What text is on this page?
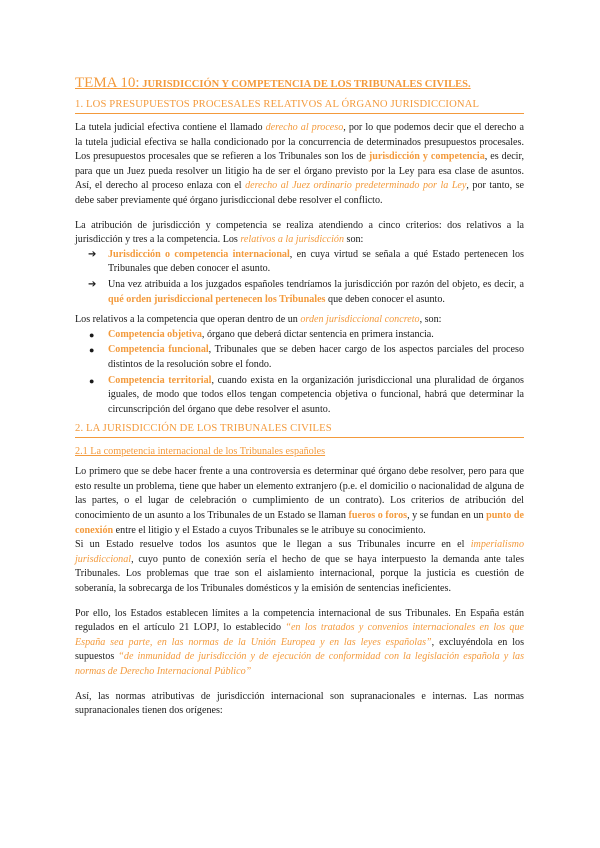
TEMA 10: JURISDICCIÓN Y COMPETENCIA DE LOS TRIBUNALES CIVILES.
1. LOS PRESUPUESTOS PROCESALES RELATIVOS AL ÓRGANO JURISDICCIONAL

La tutela judicial efectiva contiene el llamado derecho al proceso, por lo que podemos decir que el derecho a la tutela judicial efectiva se halla condicionado por la concurrencia de determinados presupuestos procesales. Los presupuestos procesales que se refieren a los Tribunales son los de jurisdicción y competencia, es decir, para que un Juez pueda resolver un litigio ha de ser el órgano previsto por la Ley para esa clase de asuntos. Así, el derecho al proceso enlaza con el derecho al Juez ordinario predeterminado por la Ley, por tanto, se debe saber previamente qué órgano jurisdiccional debe resolver el conflicto.

La atribución de jurisdicción y competencia se realiza atendiendo a cinco criterios: dos relativos a la jurisdicción y tres a la competencia. Los relativos a la jurisdicción son:

➔ Jurisdicción o competencia internacional, en cuya virtud se señala a qué Estado pertenecen los Tribunales que deben conocer el asunto.
➔ Una vez atribuida a los juzgados españoles tendríamos la jurisdicción por razón del objeto, es decir, a qué orden jurisdiccional pertenecen los Tribunales que deben conocer el asunto.

Los relativos a la competencia que operan dentro de un orden jurisdiccional concreto, son:

● Competencia objetiva, órgano que deberá dictar sentencia en primera instancia.
● Competencia funcional, Tribunales que se deben hacer cargo de los aspectos parciales del proceso distintos de la resolución sobre el fondo.
● Competencia territorial, cuando exista en la organización jurisdiccional una pluralidad de órganos iguales, de modo que todos ellos tengan competencia objetiva o funcional, habrá que determinar la circunscripción del órgano que debe resolver el asunto.
2. LA JURISDICCIÓN DE LOS TRIBUNALES CIVILES
2.1 La competencia internacional de los Tribunales españoles

Lo primero que se debe hacer frente a una controversia es determinar qué órgano debe resolver, pero para que esto resulte un problema, tiene que haber un elemento extranjero (p.e. el domicilio o nacionalidad de alguna de las partes, o el lugar de celebración o cumplimiento de un contrato). Los criterios de atribución del conocimiento de un asunto a los Tribunales de un Estado se llaman fueros o foros, y se fundan en un punto de conexión entre el litigio y el Estado a cuyos Tribunales se le atribuye su conocimiento.

Si un Estado resuelve todos los asuntos que le llegan a sus Tribunales incurre en el imperialismo jurisdiccional, cuyo punto de conexión sería el hecho de que se haya interpuesto la demanda ante tales Tribunales. Los problemas que trae son el aislamiento internacional, porque la justicia es cuestión de soberanía, la sobrecarga de los Tribunales domésticos y la emisión de sentencias ineficientes.

Por ello, los Estados establecen límites a la competencia internacional de sus Tribunales. En España están regulados en el artículo 21 LOPJ, lo establecido “en los tratados y convenios internacionales en los que España sea parte, en las normas de la Unión Europea y en las leyes españolas”, excluyéndola en los supuestos “de inmunidad de jurisdicción y de ejecución de conformidad con la legislación española y las normas de Derecho Internacional Público”

Así, las normas atributivas de jurisdicción internacional son supranacionales e internas. Las normas supranacionales tienen dos orígenes:
